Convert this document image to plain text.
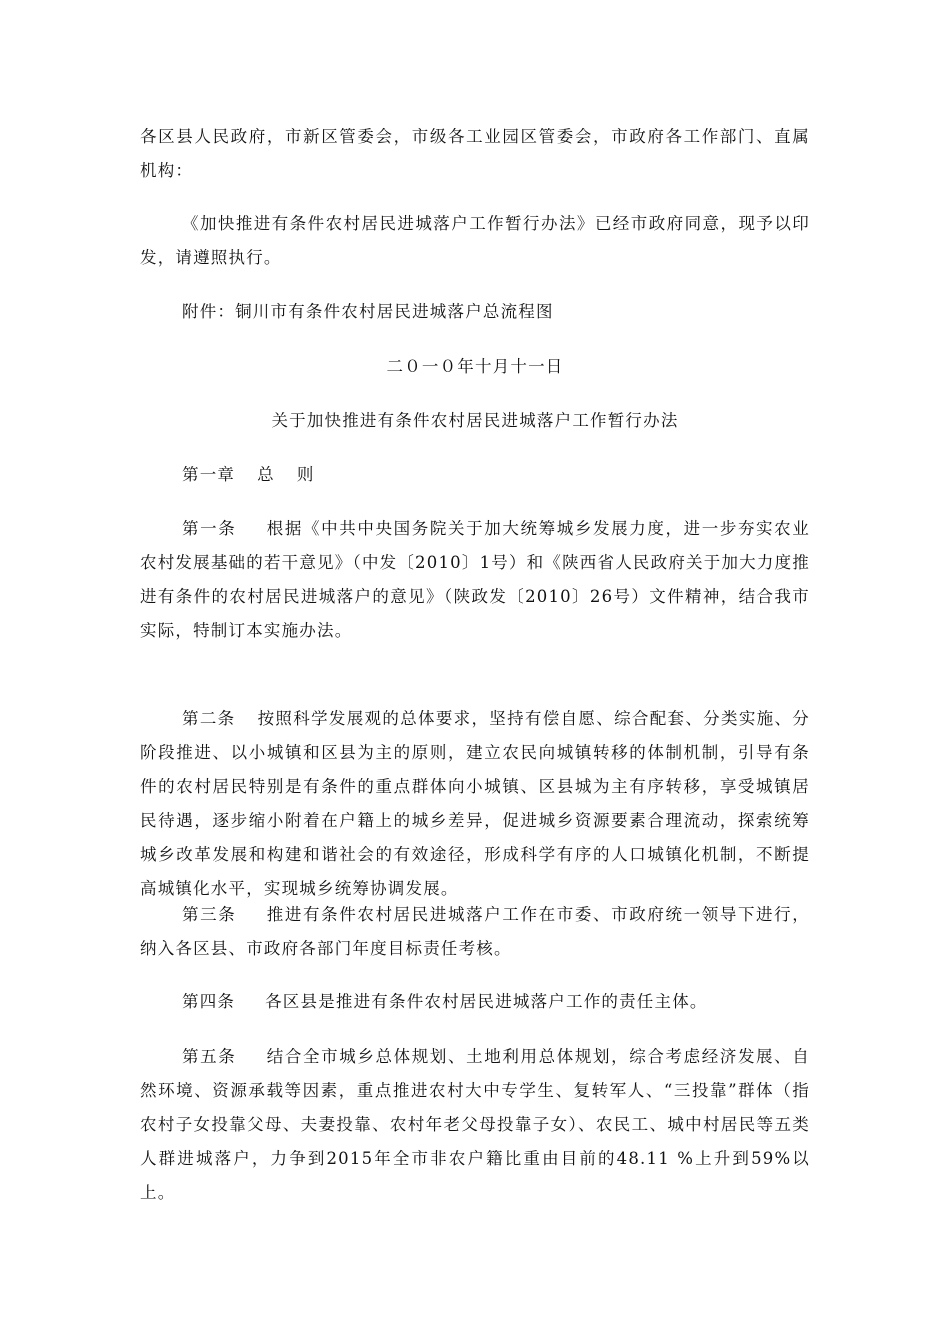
各区县人民政府，市新区管委会，市级各工业园区管委会，市政府各工作部门、直属机构：

《加快推进有条件农村居民进城落户工作暂行办法》已经市政府同意，现予以印发，请遵照执行。

附件：铜川市有条件农村居民进城落户总流程图

二０一０年十月十一日

关于加快推进有条件农村居民进城落户工作暂行办法

第一章 总 则

第一条 根据《中共中央国务院关于加大统筹城乡发展力度，进一步夯实农业农村发展基础的若干意见》（中发〔2010〕1号）和《陕西省人民政府关于加大力度推进有条件的农村居民进城落户的意见》（陕政发〔2010〕26号）文件精神，结合我市实际，特制订本实施办法。

第二条 按照科学发展观的总体要求，坚持有偿自愿、综合配套、分类实施、分阶段推进、以小城镇和区县为主的原则，建立农民向城镇转移的体制机制，引导有条件的农村居民特别是有条件的重点群体向小城镇、区县城为主有序转移，享受城镇居民待遇，逐步缩小附着在户籍上的城乡差异，促进城乡资源要素合理流动，探索统筹城乡改革发展和构建和谐社会的有效途径，形成科学有序的人口城镇化机制，不断提高城镇化水平，实现城乡统筹协调发展。

第三条 推进有条件农村居民进城落户工作在市委、市政府统一领导下进行，纳入各区县、市政府各部门年度目标责任考核。

第四条 各区县是推进有条件农村居民进城落户工作的责任主体。

第五条 结合全市城乡总体规划、土地利用总体规划，综合考虑经济发展、自然环境、资源承载等因素，重点推进农村大中专学生、复转军人、“三投靠”群体（指农村子女投靠父母、夫妻投靠、农村年老父母投靠子女）、农民工、城中村居民等五类人群进城落户，力争到2015年全市非农户籍比重由目前的48.11 %上升到59%以上。
